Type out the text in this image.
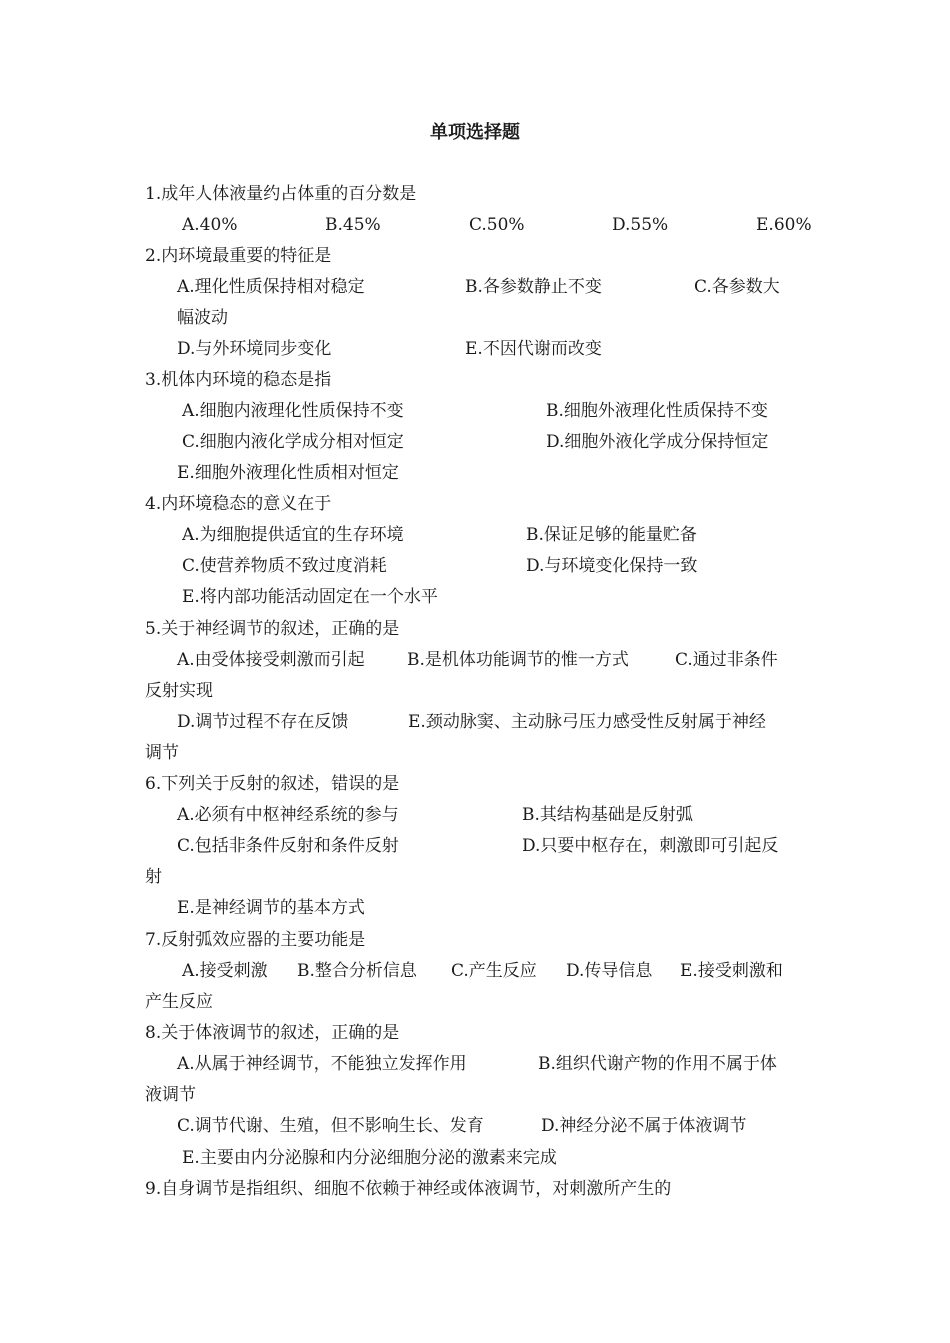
单项选择题
1.成年人体液量约占体重的百分数是
A.40%	B.45%	C.50%	D.55%	E.60%
2.内环境最重要的特征是
A.理化性质保持相对稳定	B.各参数静止不变	C.各参数大
幅波动
D.与外环境同步变化	E.不因代谢而改变
3.机体内环境的稳态是指
A.细胞内液理化性质保持不变	B.细胞外液理化性质保持不变
C.细胞内液化学成分相对恒定	D.细胞外液化学成分保持恒定
E.细胞外液理化性质相对恒定
4.内环境稳态的意义在于
A.为细胞提供适宜的生存环境	B.保证足够的能量贮备
C.使营养物质不致过度消耗	D.与环境变化保持一致
E.将内部功能活动固定在一个水平
5.关于神经调节的叙述，正确的是
A.由受体接受刺激而引起 B.是机体功能调节的惟一方式	C.通过非条件
反射实现
D.调节过程不存在反馈	E.颈动脉窦、主动脉弓压力感受性反射属于神经
调节
6.下列关于反射的叙述，错误的是
A.必须有中枢神经系统的参与	B.其结构基础是反射弧
C.包括非条件反射和条件反射	D.只要中枢存在，刺激即可引起反
射
E.是神经调节的基本方式
7.反射弧效应器的主要功能是
A.接受刺激 B.整合分析信息 C.产生反应 D.传导信息 E.接受刺激和
产生反应
8.关于体液调节的叙述，正确的是
A.从属于神经调节，不能独立发挥作用	B.组织代谢产物的作用不属于体
液调节
C.调节代谢、生殖，但不影响生长、发育	D.神经分泌不属于体液调节
E.主要由内分泌腺和内分泌细胞分泌的激素来完成
9.自身调节是指组织、细胞不依赖于神经或体液调节，对刺激所产生的
